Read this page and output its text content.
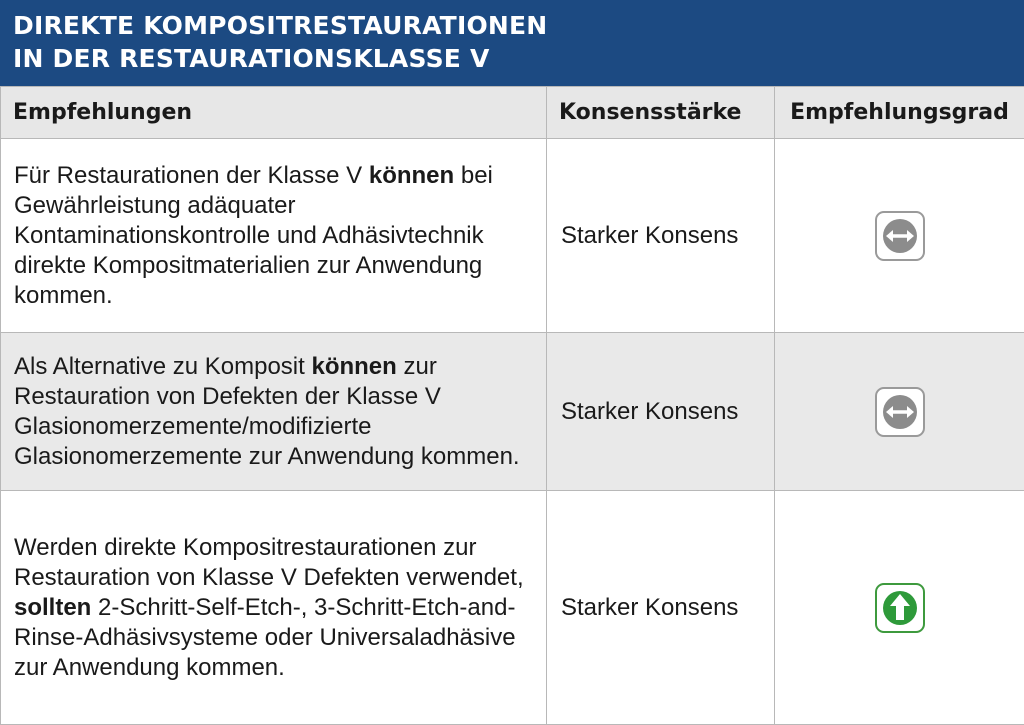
DIREKTE KOMPOSITRESTAURATIONEN
IN DER RESTAURATIONSKLASSE V
Empfehlungen	Konsensstärke	Empfehlungsgrad
Für Restaurationen der Klasse V können bei Gewährleistung adäquater Kontaminationskontrolle und Adhäsivtechnik direkte Kompositmaterialien zur Anwendung kommen.	Starker Konsens	

Als Alternative zu Komposit können zur Restauration von Defekten der Klasse V Glasionomerzemente/modifizierte Glasionomerzemente zur Anwendung kommen.	Starker Konsens	

Werden direkte Kompositrestaurationen zur Restauration von Klasse V Defekten verwendet, sollten 2-Schritt-Self-Etch-, 3-Schritt-Etch-and-Rinse-Adhäsivsysteme oder Universaladhäsive zur Anwendung kommen.	Starker Konsens	
